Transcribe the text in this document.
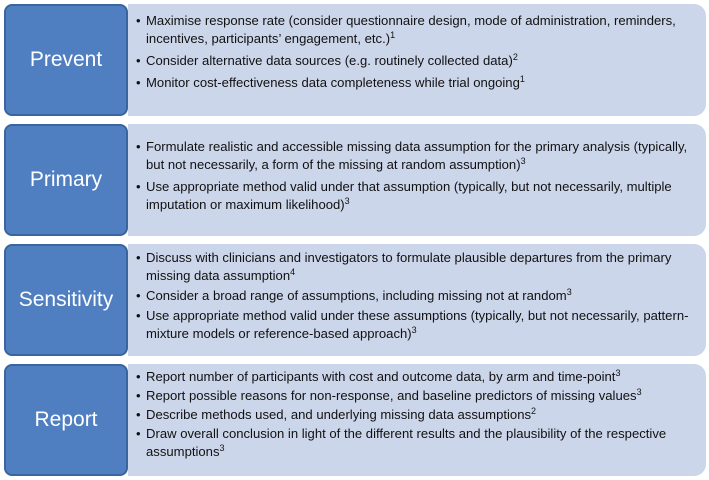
Prevent
• Maximise response rate (consider questionnaire design, mode of administration, reminders, incentives, participants’ engagement, etc.)$^1$
• Consider alternative data sources (e.g. routinely collected data)$^2$
• Monitor cost-effectiveness data completeness while trial ongoing$^1$
Primary
• Formulate realistic and accessible missing data assumption for the primary analysis (typically, but not necessarily, a form of the missing at random assumption)$^3$
• Use appropriate method valid under that assumption (typically, but not necessarily, multiple imputation or maximum likelihood)$^3$
Sensitivity
• Discuss with clinicians and investigators to formulate plausible departures from the primary missing data assumption$^4$
• Consider a broad range of assumptions, including missing not at random$^3$
• Use appropriate method valid under these assumptions (typically, but not necessarily, pattern-mixture models or reference-based approach)$^3$
Report
• Report number of participants with cost and outcome data, by arm and time-point$^3$
• Report possible reasons for non-response, and baseline predictors of missing values$^3$
• Describe methods used, and underlying missing data assumptions$^2$
• Draw overall conclusion in light of the different results and the plausibility of the respective assumptions$^3$
